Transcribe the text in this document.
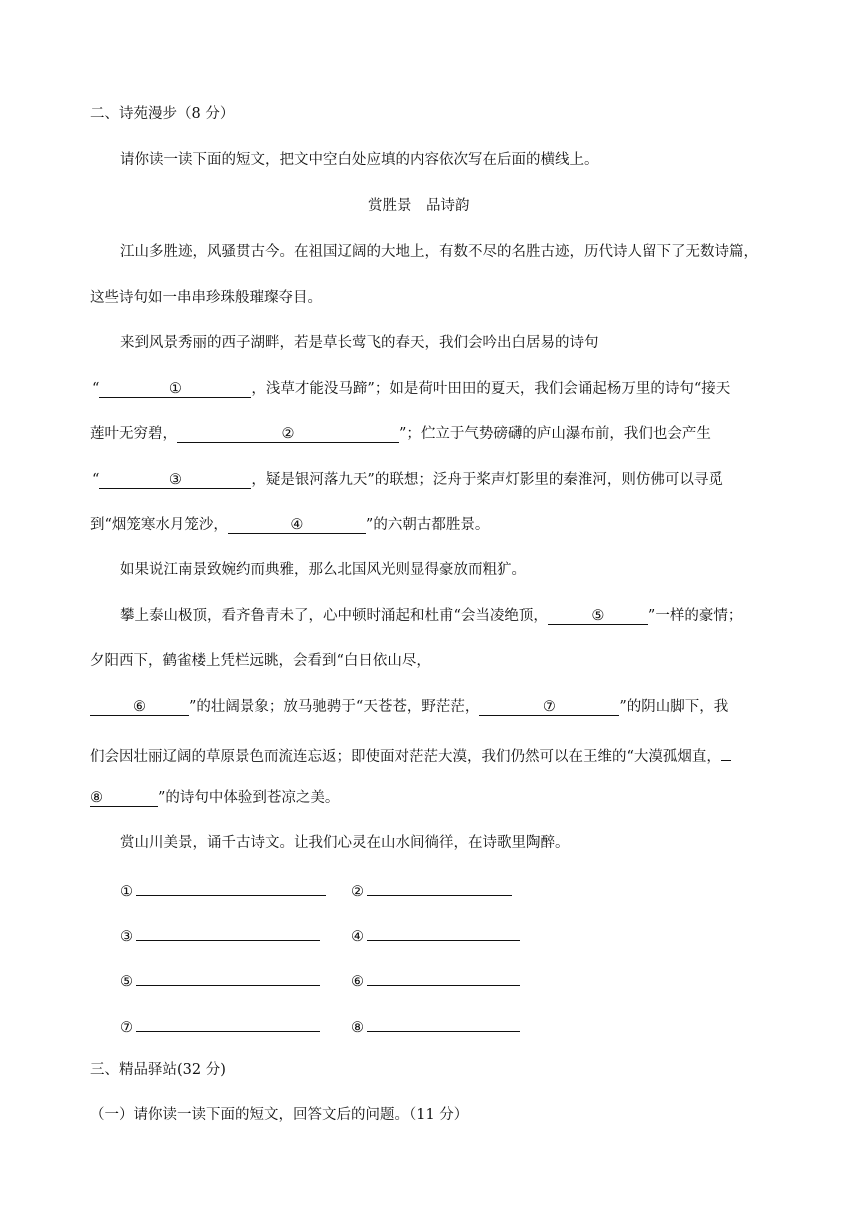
二、诗苑漫步（8 分）
请你读一读下面的短文，把文中空白处应填的内容依次写在后面的横线上。
赏胜景　品诗韵
江山多胜迹，风骚贯古今。在祖国辽阔的大地上，有数不尽的名胜古迹，历代诗人留下了无数诗篇，
这些诗句如一串串珍珠般璀璨夺目。
来到风景秀丽的西子湖畔，若是草长莺飞的春天，我们会吟出白居易的诗句
“	①	，浅草才能没马蹄”；如是荷叶田田的夏天，我们会诵起杨万里的诗句“接天
莲叶无穷碧，	②	”；伫立于气势磅礴的庐山瀑布前，我们也会产生
“	③	，疑是银河落九天”的联想；泛舟于桨声灯影里的秦淮河，则仿佛可以寻觅
到“烟笼寒水月笼沙，	④	”的六朝古都胜景。
如果说江南景致婉约而典雅，那么北国风光则显得豪放而粗犷。
攀上泰山极顶，看齐鲁青未了，心中顿时涌起和杜甫“会当凌绝顶，	⑤	”一样的豪情；
夕阳西下，鹤雀楼上凭栏远眺，会看到“白日依山尽，
⑥	”的壮阔景象；放马驰骋于“天苍苍，野茫茫，	⑦	”的阴山脚下，我
们会因壮丽辽阔的草原景色而流连忘返；即使面对茫茫大漠，我们仍然可以在王维的“大漠孤烟直，
⑧	”的诗句中体验到苍凉之美。
赏山川美景，诵千古诗文。让我们心灵在山水间徜徉，在诗歌里陶醉。
①	②
③	④
⑤	⑥
⑦	⑧
三、精品驿站(32 分)
（一）请你读一读下面的短文，回答文后的问题。（11 分）
